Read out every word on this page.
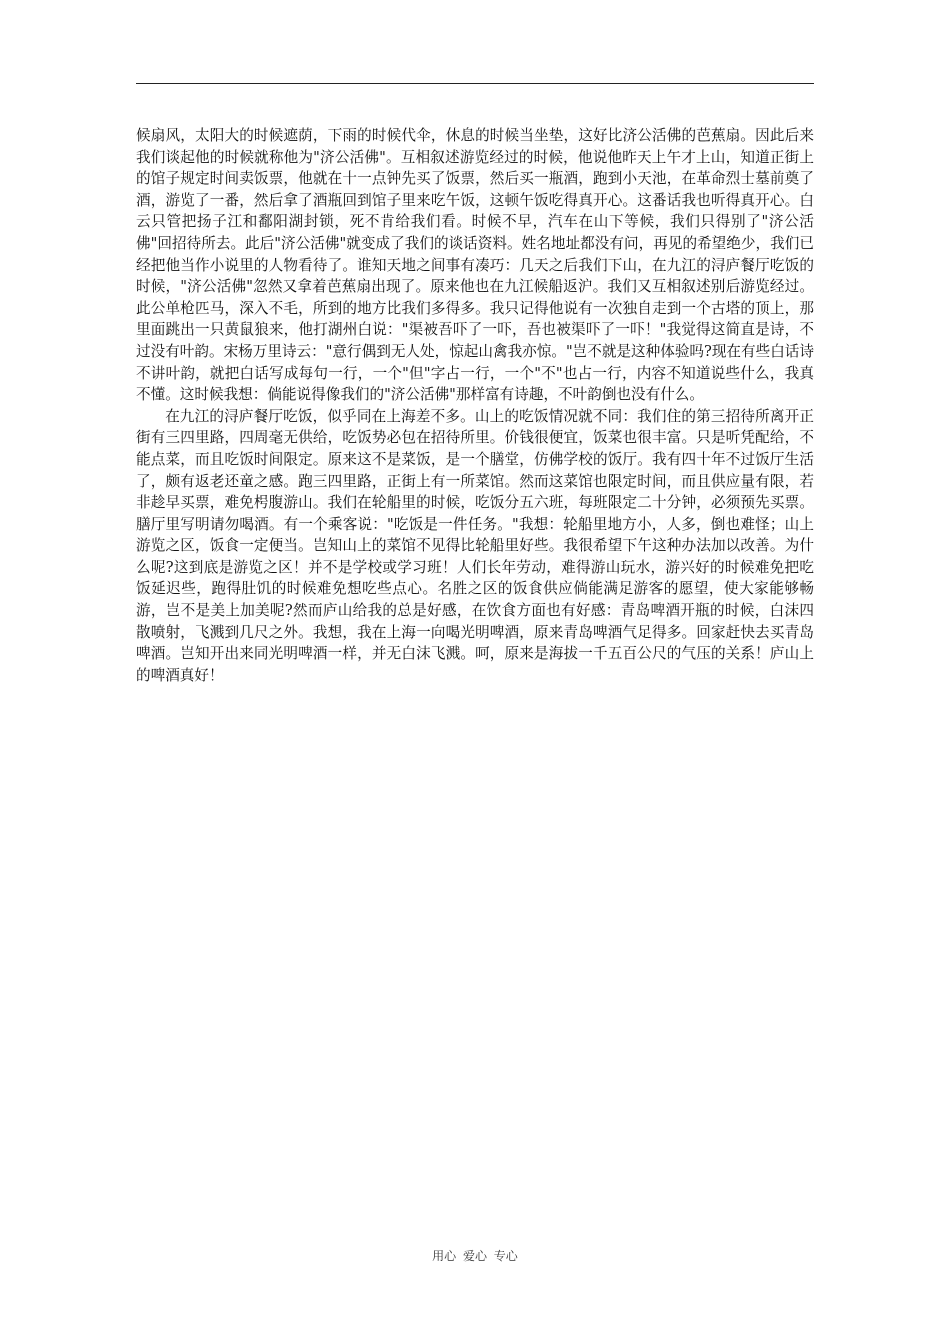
候扇风，太阳大的时候遮荫，下雨的时候代伞，休息的时候当坐垫，这好比济公活佛的芭蕉扇。因此后来我们谈起他的时候就称他为"济公活佛"。互相叙述游览经过的时候，他说他昨天上午才上山，知道正街上的馆子规定时间卖饭票，他就在十一点钟先买了饭票，然后买一瓶酒，跑到小天池，在革命烈士墓前奠了酒，游览了一番，然后拿了酒瓶回到馆子里来吃午饭，这顿午饭吃得真开心。这番话我也听得真开心。白云只管把扬子江和鄱阳湖封锁，死不肯给我们看。时候不早，汽车在山下等候，我们只得别了"济公活佛"回招待所去。此后"济公活佛"就变成了我们的谈话资料。姓名地址都没有问，再见的希望绝少，我们已经把他当作小说里的人物看待了。谁知天地之间事有凑巧：几天之后我们下山，在九江的浔庐餐厅吃饭的时候，"济公活佛"忽然又拿着芭蕉扇出现了。原来他也在九江候船返沪。我们又互相叙述别后游览经过。此公单枪匹马，深入不毛，所到的地方比我们多得多。我只记得他说有一次独自走到一个古塔的顶上，那里面跳出一只黄鼠狼来，他打湖州白说："渠被吾吓了一吓，吾也被渠吓了一吓！"我觉得这简直是诗，不过没有叶韵。宋杨万里诗云："意行偶到无人处，惊起山禽我亦惊。"岂不就是这种体验吗?现在有些白话诗不讲叶韵，就把白话写成每句一行，一个"但"字占一行，一个"不"也占一行，内容不知道说些什么，我真不懂。这时候我想：倘能说得像我们的"济公活佛"那样富有诗趣，不叶韵倒也没有什么。

在九江的浔庐餐厅吃饭，似乎同在上海差不多。山上的吃饭情况就不同：我们住的第三招待所离开正街有三四里路，四周毫无供给，吃饭势必包在招待所里。价钱很便宜，饭菜也很丰富。只是听凭配给，不能点菜，而且吃饭时间限定。原来这不是菜饭，是一个膳堂，仿佛学校的饭厅。我有四十年不过饭厅生活了，颇有返老还童之感。跑三四里路，正街上有一所菜馆。然而这菜馆也限定时间，而且供应量有限，若非趁早买票，难免枵腹游山。我们在轮船里的时候，吃饭分五六班，每班限定二十分钟，必须预先买票。膳厅里写明请勿喝酒。有一个乘客说："吃饭是一件任务。"我想：轮船里地方小，人多，倒也难怪；山上游览之区，饭食一定便当。岂知山上的菜馆不见得比轮船里好些。我很希望下午这种办法加以改善。为什么呢?这到底是游览之区！并不是学校或学习班！人们长年劳动，难得游山玩水，游兴好的时候难免把吃饭延迟些，跑得肚饥的时候难免想吃些点心。名胜之区的饭食供应倘能满足游客的愿望，使大家能够畅游，岂不是美上加美呢?然而庐山给我的总是好感，在饮食方面也有好感：青岛啤酒开瓶的时候，白沫四散喷射，飞溅到几尺之外。我想，我在上海一向喝光明啤酒，原来青岛啤酒气足得多。回家赶快去买青岛啤酒。岂知开出来同光明啤酒一样，并无白沫飞溅。呵，原来是海拔一千五百公尺的气压的关系！庐山上的啤酒真好！

用心 爱心 专心
